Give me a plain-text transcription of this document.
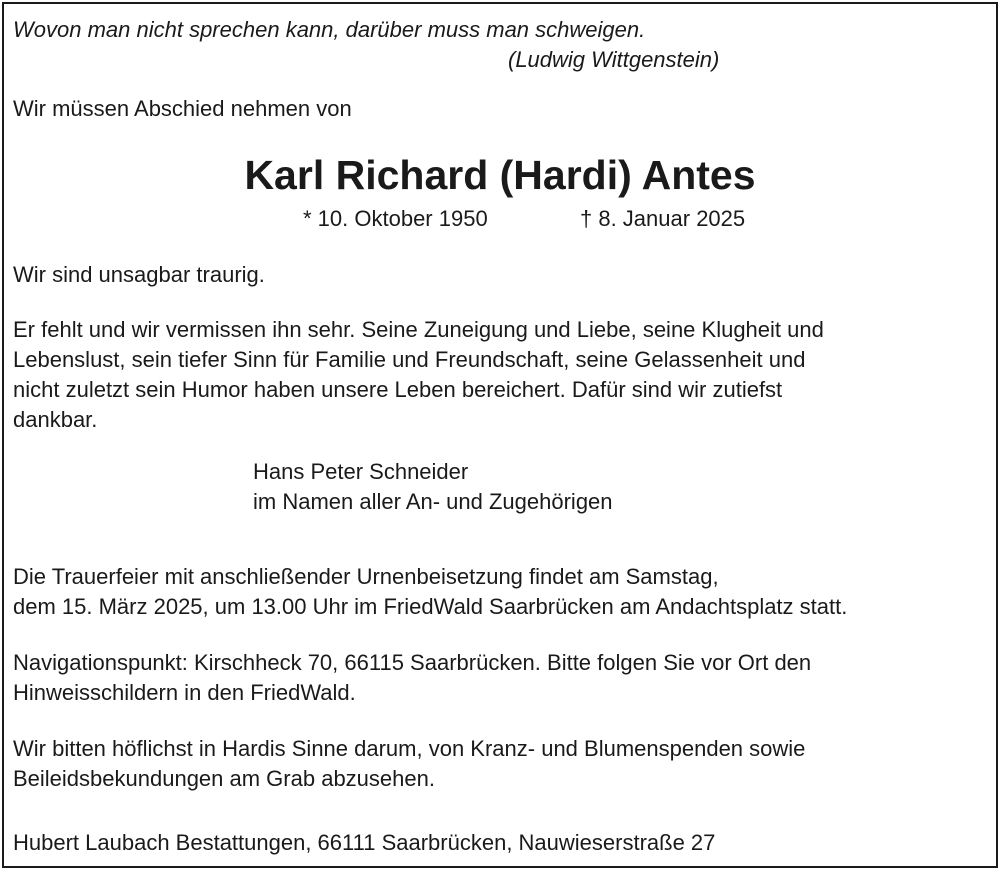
Wovon man nicht sprechen kann, darüber muss man schweigen.

(Ludwig Wittgenstein)

Wir müssen Abschied nehmen von

Karl Richard (Hardi) Antes

* 10. Oktober 1950	† 8. Januar 2025

Wir sind unsagbar traurig.

Er fehlt und wir vermissen ihn sehr. Seine Zuneigung und Liebe, seine Klugheit und
Lebenslust, sein tiefer Sinn für Familie und Freundschaft, seine Gelassenheit und
nicht zuletzt sein Humor haben unsere Leben bereichert. Dafür sind wir zutiefst
dankbar.
Hans Peter Schneider
im Namen aller An- und Zugehörigen
Die Trauerfeier mit anschließender Urnenbeisetzung findet am Samstag,
dem 15. März 2025, um 13.00 Uhr im FriedWald Saarbrücken am Andachtsplatz statt.
Navigationspunkt: Kirschheck 70, 66115 Saarbrücken. Bitte folgen Sie vor Ort den
Hinweisschildern in den FriedWald.
Wir bitten höflichst in Hardis Sinne darum, von Kranz- und Blumenspenden sowie
Beileidsbekundungen am Grab abzusehen.

Hubert Laubach Bestattungen, 66111 Saarbrücken, Nauwieserstraße 27
